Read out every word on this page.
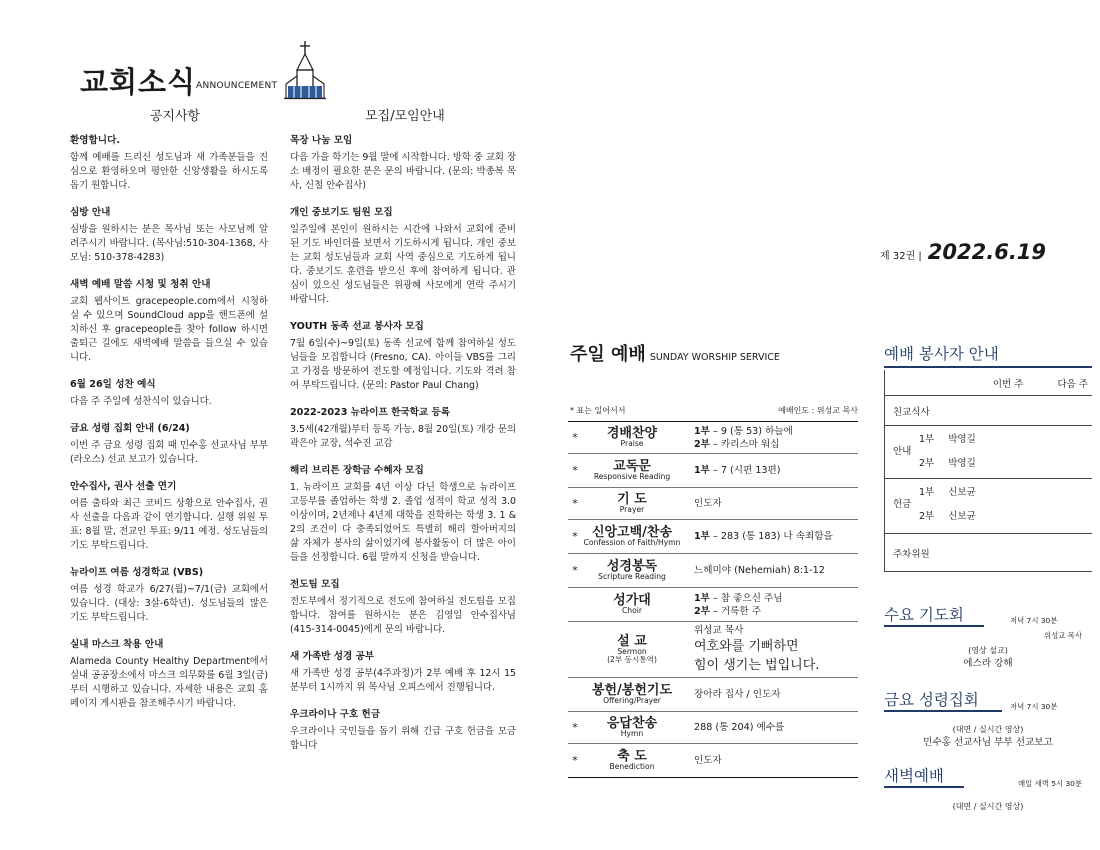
교회소식 ANNOUNCEMENT
공지사항	모집/모임안내
환영합니다.

함께 예배를 드리신 성도님과 새 가족분들을 진심으로 환영하오며 평안한 신앙생활을 하시도록 돕기 원합니다.

심방 안내

심방을 원하시는 분은 목사님 또는 사모님께 알려주시기 바랍니다. (목사님:510-304-1368, 사모님: 510-378-4283)

새벽 예배 말씀 시청 및 청취 안내

교회 웹사이트 gracepeople.com에서 시청하실 수 있으며 SoundCloud app을 핸드폰에 설치하신 후 gracepeople을 찾아 follow 하시면 출퇴근 길에도 새벽예배 말씀을 들으실 수 있습니다.

6월 26일 성찬 예식

다음 주 주일에 성찬식이 있습니다.

금요 성령 집회 안내 (6/24)

이번 주 금요 성령 집회 때 민수홍 선교사님 부부(라오스) 선교 보고가 있습니다.

안수집사, 권사 선출 연기

여름 출타와 최근 코비드 상황으로 안수집사, 권사 선출을 다음과 같이 연기합니다. 실행 위원 투표: 8월 말, 전교인 투표: 9/11 예정. 성도님들의 기도 부탁드립니다.

뉴라이프 여름 성경학교 (VBS)

여름 성경 학교가 6/27(월)~7/1(금) 교회에서 있습니다. (대상: 3살-6학년). 성도님들의 많은 기도 부탁드립니다.

실내 마스크 착용 안내

Alameda County Healthy Department에서 실내 공공장소에서 마스크 의무화를 6월 3일(금)부터 시행하고 있습니다. 자세한 내용은 교회 홈페이지 게시판을 참조해주시기 바랍니다.

목장 나눔 모임

다음 가을 학기는 9월 말에 시작합니다. 방학 중 교회 장소 배정이 필요한 분은 문의 바랍니다. (문의: 박종복 목사, 신철 안수집사)

개인 중보기도 팀원 모집

일주일에 본인이 원하시는 시간에 나와서 교회에 준비된 기도 바인더를 보면서 기도하시게 됩니다. 개인 중보는 교회 성도님들과 교회 사역 중심으로 기도하게 됩니다. 중보기도 훈련을 받으신 후에 참여하게 됩니다. 관심이 있으신 성도님들은 위광혜 사모에게 연락 주시기 바랍니다.

YOUTH 동족 선교 봉사자 모집

7월 6일(수)~9일(토) 동족 선교에 함께 참여하실 성도님들을 모집합니다 (Fresno, CA). 아이들 VBS를 그리고 가정을 방문하여 전도할 예정입니다. 기도와 격려 참여 부탁드립니다. (문의: Pastor Paul Chang)

2022-2023 뉴라이프 한국학교 등록

3.5세(42개월)부터 등록 가능, 8월 20일(토) 개강 문의 곽은아 교장, 석수진 교감

해리 브리튼 장학금 수혜자 모집

1. 뉴라이프 교회를 4년 이상 다닌 학생으로 뉴라이프 고등부를 졸업하는 학생 2. 졸업 성적이 학교 성적 3.0 이상이며, 2년제나 4년제 대학을 진학하는 학생 3. 1 & 2의 조건이 다 충족되었어도 특별히 해리 할아버지의 삶 자체가 봉사의 삶이었기에 봉사활동이 더 많은 아이들을 선정합니다. 6월 말까지 신청을 받습니다.

전도팀 모집

전도부에서 정기적으로 전도에 참여하실 전도팀을 모집합니다. 참여를 원하시는 분은 김영일 안수집사님 (415-314-0045)에게 문의 바랍니다.

새 가족반 성경 공부

새 가족반 성경 공부(4주과정)가 2부 예배 후 12시 15분부터 1시까지 위 목사님 오피스에서 진행됩니다.

우크라이나 구호 헌금

우크라이나 국민들을 돕기 위해 긴급 구호 헌금을 모금합니다

제 32권 | 2022.6.19
주일 예배 SUNDAY WORSHIP SERVICE
* 표는 일어서서	예배인도 : 위성교 목사
*	경배찬양
Praise
1부 – 9 (통 53) 하늘에
2부 – 카리스마 워십
*	교독문
Responsive Reading
1부 – 7 (시편 13편)
*	기 도
Prayer
인도자
*	신앙고백/찬송
Confession of Faith/Hymn
1부 – 283 (통 183) 나 속죄함을
*	성경봉독
Scripture Reading
느헤미야 (Nehemiah) 8:1-12
성가대
Choir
1부 – 참 좋으신 주님
2부 – 거룩한 주
설 교
Sermon
(2부 동시통역)
위성교 목사
여호와를 기뻐하면
힘이 생기는 법입니다.
봉헌/봉헌기도
Offering/Prayer
장아라 집사 / 인도자
*	응답찬송
Hymn
288 (통 204) 예수를
*	축 도
Benediction
인도자
예배 봉사자 안내
이번 주	다음 주
친교식사
안내
1부 박영길
2부 박영길
헌금
1부 신보균
2부 신보균
주차위원
수요 기도회	저녁 7시 30분
위성교 목사
(영상 설교)
에스라 강해
금요 성령집회	저녁 7시 30분
(대면 / 실시간 영상)
민수홍 선교사님 부부 선교보고
새벽예배	매일 새벽 5시 30분
(대면 / 실시간 영상)
